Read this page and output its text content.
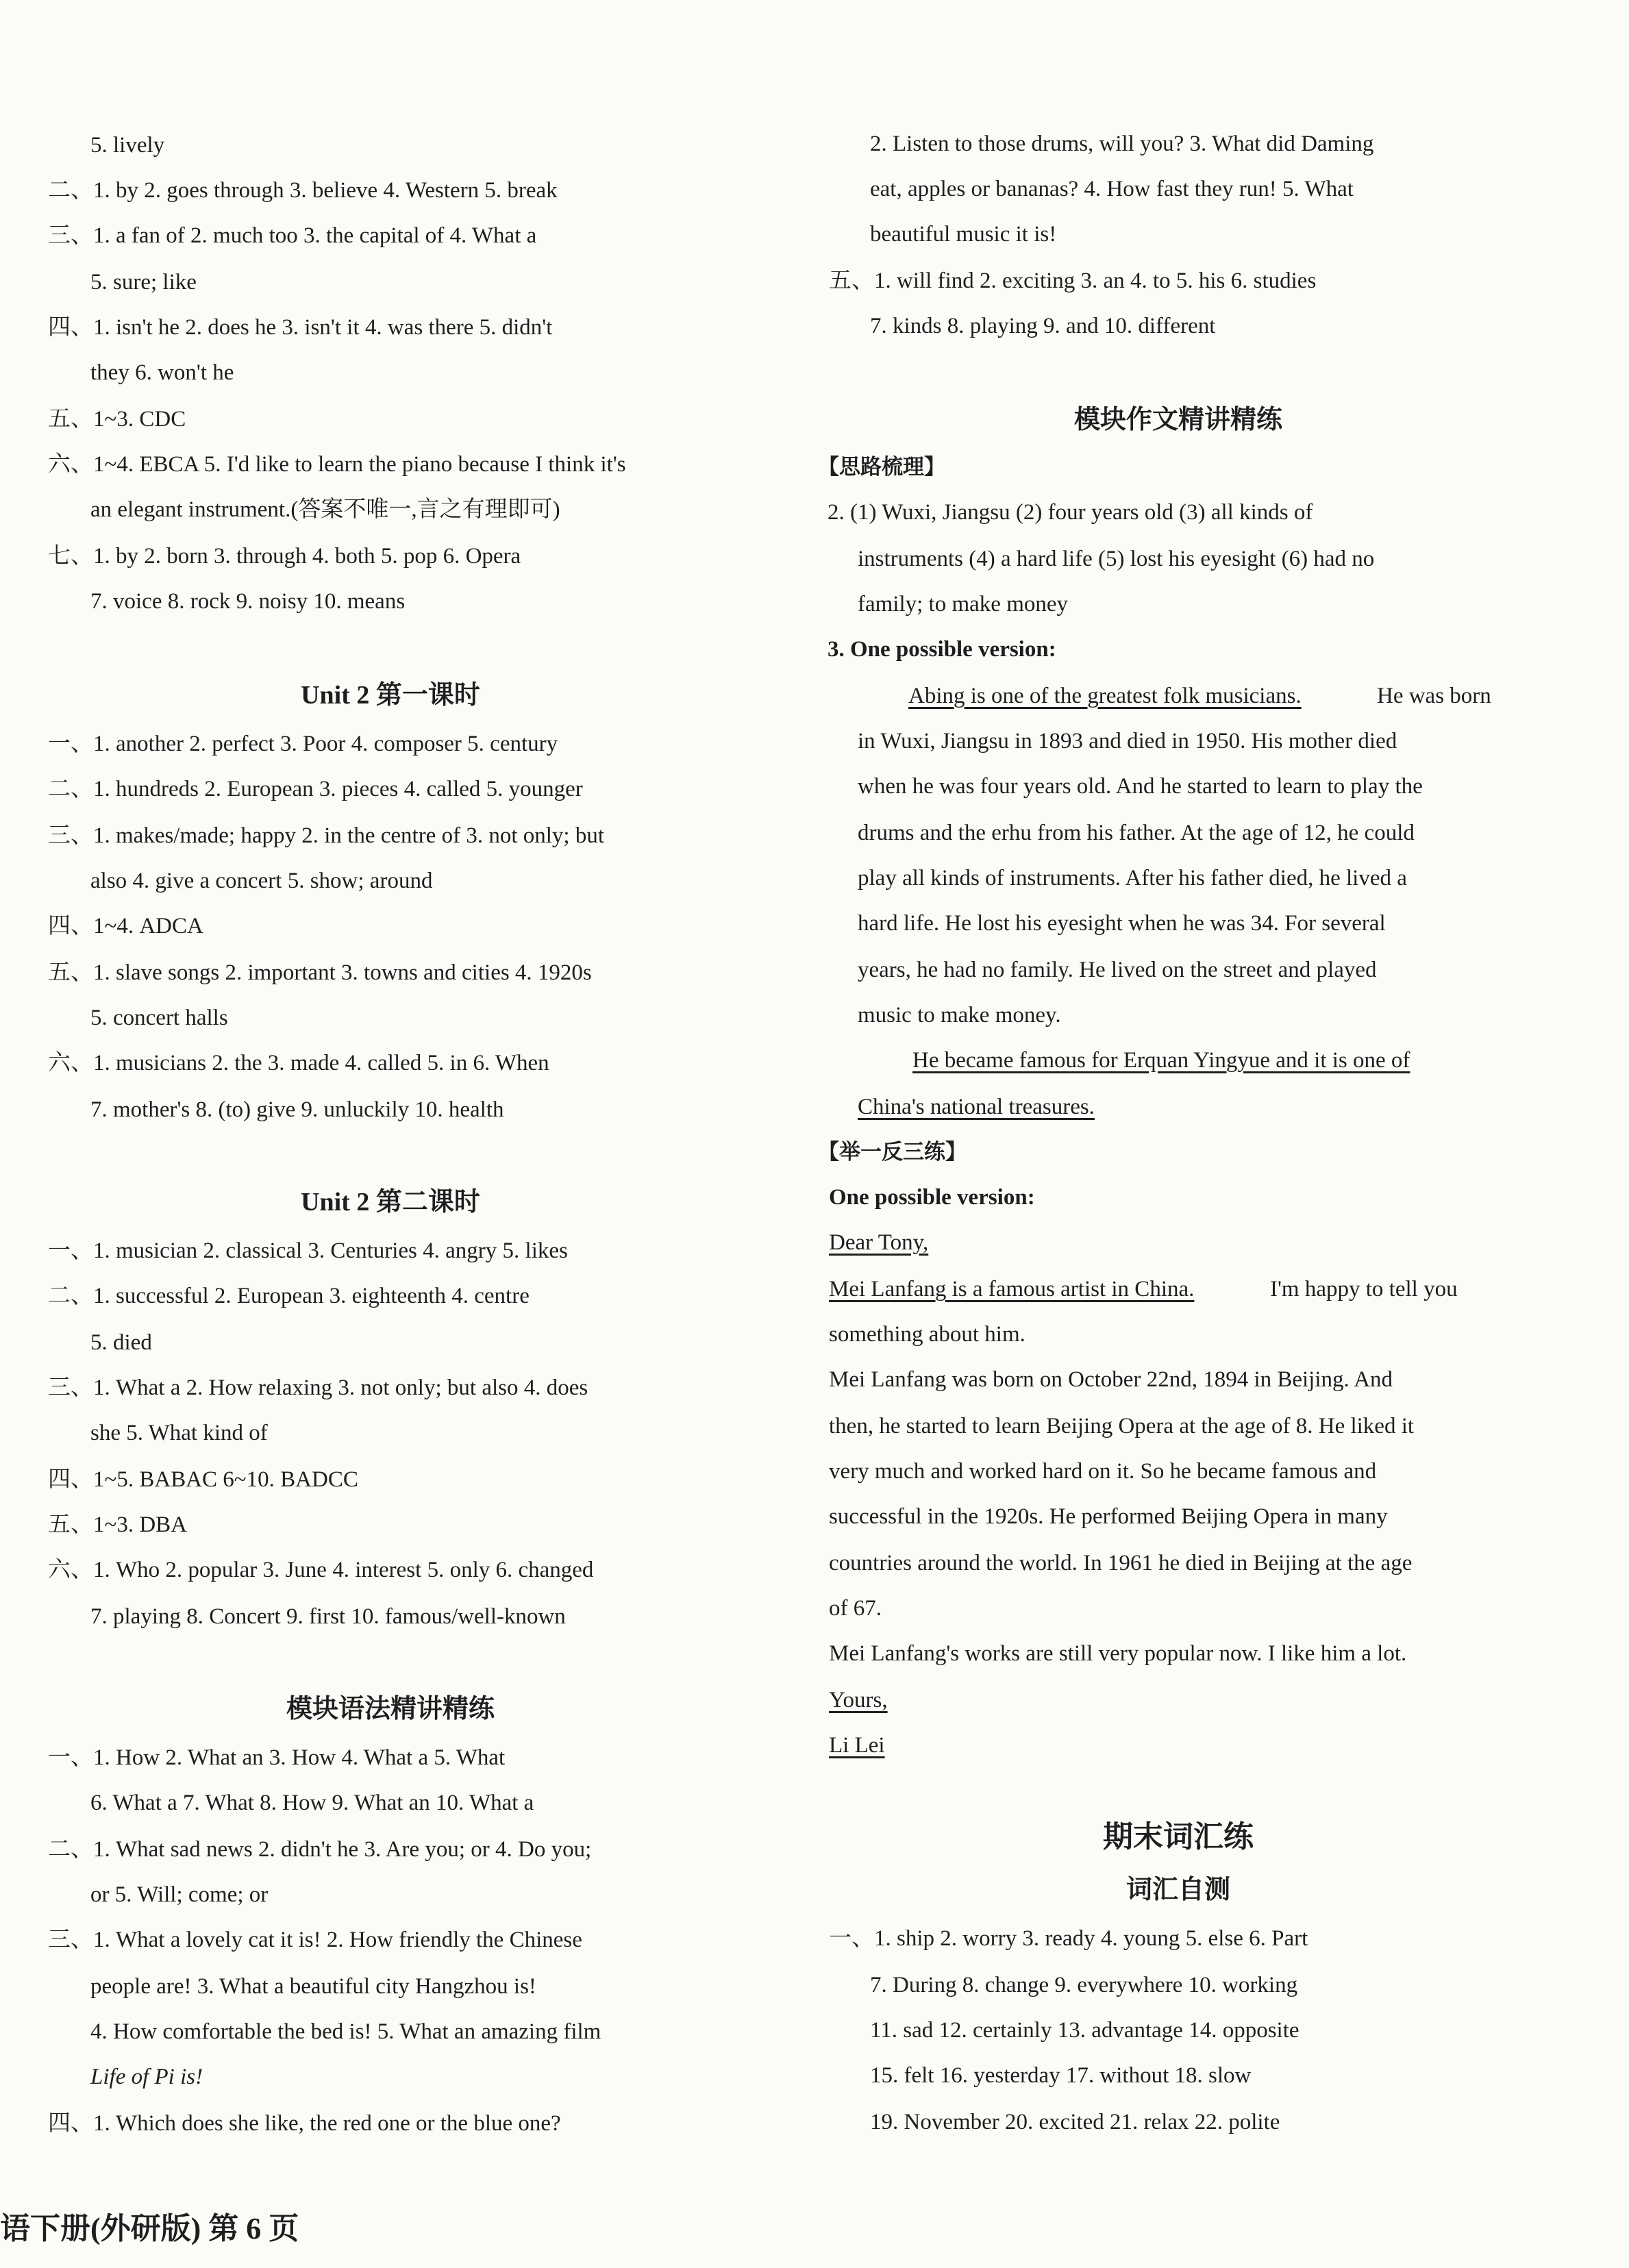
5. lively
二、1. by 2. goes through 3. believe 4. Western 5. break
三、1. a fan of 2. much too 3. the capital of 4. What a
5. sure; like
四、1. isn't he 2. does he 3. isn't it 4. was there 5. didn't
they 6. won't he
五、1~3. CDC
六、1~4. EBCA 5. I'd like to learn the piano because I think it's
an elegant instrument.(答案不唯一,言之有理即可)
七、1. by 2. born 3. through 4. both 5. pop 6. Opera
7. voice 8. rock 9. noisy 10. means
Unit 2 第一课时
一、1. another 2. perfect 3. Poor 4. composer 5. century
二、1. hundreds 2. European 3. pieces 4. called 5. younger
三、1. makes/made; happy 2. in the centre of 3. not only; but
also 4. give a concert 5. show; around
四、1~4. ADCA
五、1. slave songs 2. important 3. towns and cities 4. 1920s
5. concert halls
六、1. musicians 2. the 3. made 4. called 5. in 6. When
7. mother's 8. (to) give 9. unluckily 10. health
Unit 2 第二课时
一、1. musician 2. classical 3. Centuries 4. angry 5. likes
二、1. successful 2. European 3. eighteenth 4. centre
5. died
三、1. What a 2. How relaxing 3. not only; but also 4. does
she 5. What kind of
四、1~5. BABAC 6~10. BADCC
五、1~3. DBA
六、1. Who 2. popular 3. June 4. interest 5. only 6. changed
7. playing 8. Concert 9. first 10. famous/well-known
模块语法精讲精练
一、1. How 2. What an 3. How 4. What a 5. What
6. What a 7. What 8. How 9. What an 10. What a
二、1. What sad news 2. didn't he 3. Are you; or 4. Do you;
or 5. Will; come; or
三、1. What a lovely cat it is! 2. How friendly the Chinese
people are! 3. What a beautiful city Hangzhou is!
4. How comfortable the bed is! 5. What an amazing film
Life of Pi is!
四、1. Which does she like, the red one or the blue one?
2. Listen to those drums, will you? 3. What did Daming
eat, apples or bananas? 4. How fast they run! 5. What
beautiful music it is!
五、1. will find 2. exciting 3. an 4. to 5. his 6. studies
7. kinds 8. playing 9. and 10. different
模块作文精讲精练
【思路梳理】
2. (1) Wuxi, Jiangsu (2) four years old (3) all kinds of
instruments (4) a hard life (5) lost his eyesight (6) had no
family; to make money
3. One possible version:
Abing is one of the greatest folk musicians.	He was born
in Wuxi, Jiangsu in 1893 and died in 1950. His mother died
when he was four years old. And he started to learn to play the
drums and the erhu from his father. At the age of 12, he could
play all kinds of instruments. After his father died, he lived a
hard life. He lost his eyesight when he was 34. For several
years, he had no family. He lived on the street and played
music to make money.
He became famous for Erquan Yingyue and it is one of
China's national treasures.
【举一反三练】
One possible version:
Dear Tony,
Mei Lanfang is a famous artist in China.	I'm happy to tell you
something about him.
Mei Lanfang was born on October 22nd, 1894 in Beijing. And
then, he started to learn Beijing Opera at the age of 8. He liked it
very much and worked hard on it. So he became famous and
successful in the 1920s. He performed Beijing Opera in many
countries around the world. In 1961 he died in Beijing at the age
of 67.
Mei Lanfang's works are still very popular now. I like him a lot.
Yours,
Li Lei
期末词汇练
词汇自测
一、1. ship 2. worry 3. ready 4. young 5. else 6. Part
7. During 8. change 9. everywhere 10. working
11. sad 12. certainly 13. advantage 14. opposite
15. felt 16. yesterday 17. without 18. slow
19. November 20. excited 21. relax 22. polite
语下册(外研版) 第 6 页
